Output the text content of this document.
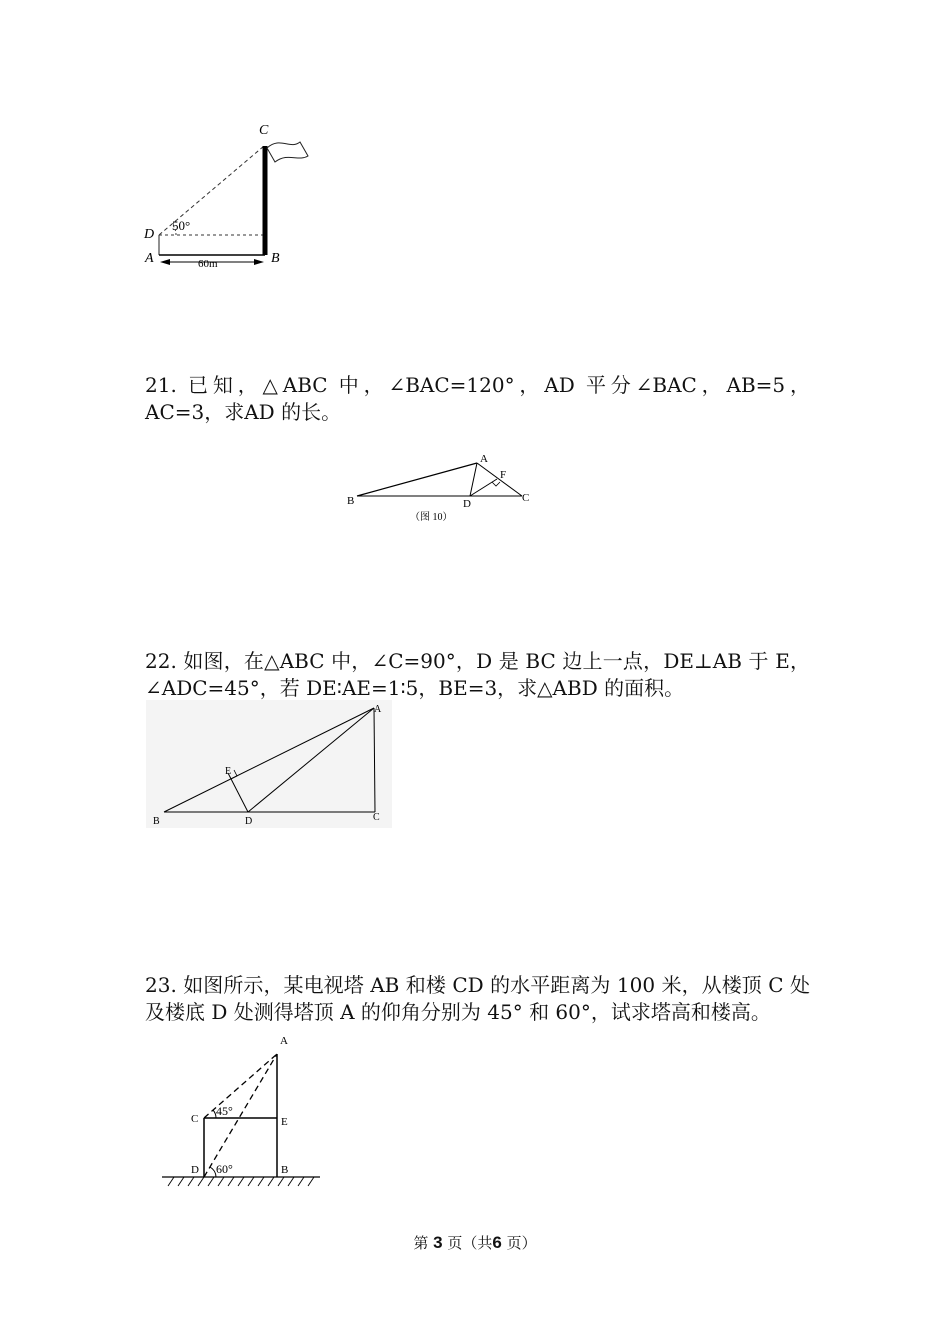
C
D
A	B
50°
60m

21. 已知，△ABC 中，∠BAC=120°，AD 平分∠BAC，AB=5，AC=3，求AD 的长。

A
B	C
D
F
（图 10）

22. 如图，在△ABC 中，∠C=90°，D 是 BC 边上一点，DE⊥AB 于 E，∠ADC=45°，若 DE∶AE=1∶5，BE=3，求△ABD 的面积。

A
B	C
D
E

23. 如图所示，某电视塔 AB 和楼 CD 的水平距离为 100 米，从楼顶 C 处及楼底 D 处测得塔顶 A 的仰角分别为 45° 和 60°，试求塔高和楼高。

A
C	E
D	B
45°
60°
第 3 页（共6 页）
